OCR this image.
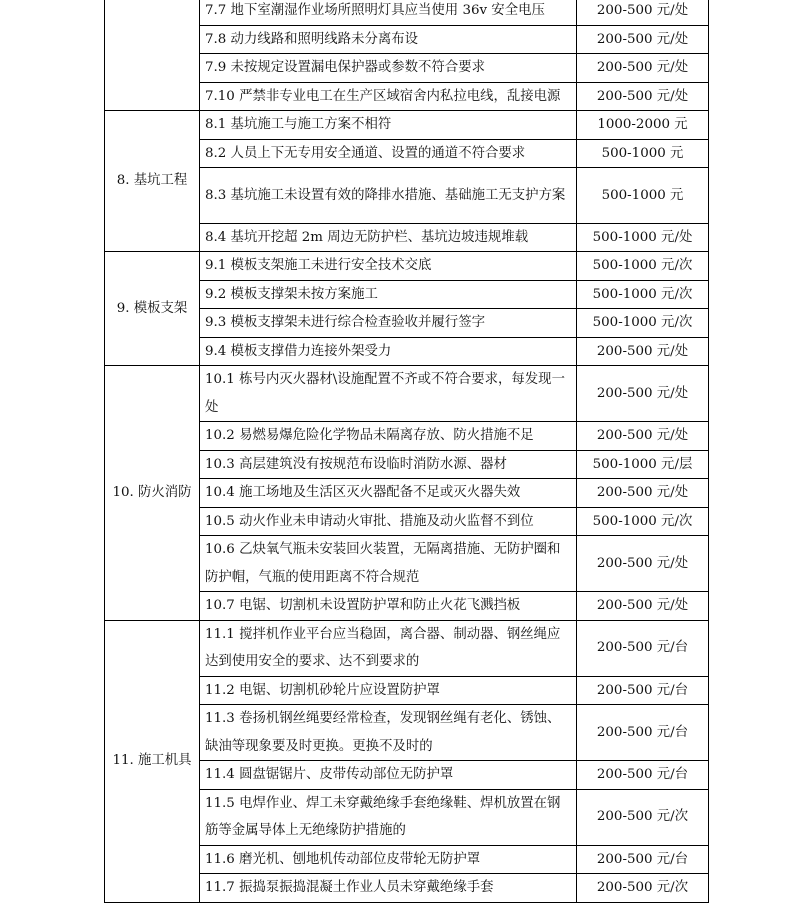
	7.7 地下室潮湿作业场所照明灯具应当使用 36v 安全电压	200-500 元/处
	7.8 动力线路和照明线路未分离布设	200-500 元/处
	7.9 未按规定设置漏电保护器或参数不符合要求	200-500 元/处
	7.10 严禁非专业电工在生产区域宿舍内私拉电线，乱接电源	200-500 元/处
8. 基坑工程	8.1 基坑施工与施工方案不相符	1000-2000 元
	8.2 人员上下无专用安全通道、设置的通道不符合要求	500-1000 元
	8.3 基坑施工未设置有效的降排水措施、基础施工无支护方案	500-1000 元
	8.4 基坑开挖超 2m 周边无防护栏、基坑边坡违规堆载	500-1000 元/处
9. 模板支架	9.1 模板支架施工未进行安全技术交底	500-1000 元/次
	9.2 模板支撑架未按方案施工	500-1000 元/次
	9.3 模板支撑架未进行综合检查验收并履行签字	500-1000 元/次
	9.4 模板支撑借力连接外架受力	200-500 元/处
10. 防火消防	10.1 栋号内灭火器材\设施配置不齐或不符合要求，每发现一处	200-500 元/处
	10.2 易燃易爆危险化学物品未隔离存放、防火措施不足	200-500 元/处
	10.3 高层建筑没有按规范布设临时消防水源、器材	500-1000 元/层
	10.4 施工场地及生活区灭火器配备不足或灭火器失效	200-500 元/处
	10.5 动火作业未申请动火审批、措施及动火监督不到位	500-1000 元/次
	10.6 乙炔氧气瓶未安装回火装置，无隔离措施、无防护圈和防护帽，气瓶的使用距离不符合规范	200-500 元/处
	10.7 电锯、切割机未设置防护罩和防止火花飞溅挡板	200-500 元/处
11. 施工机具	11.1 搅拌机作业平台应当稳固，离合器、制动器、钢丝绳应达到使用安全的要求、达不到要求的	200-500 元/台
	11.2 电锯、切割机砂轮片应设置防护罩	200-500 元/台
	11.3 卷扬机钢丝绳要经常检查，发现钢丝绳有老化、锈蚀、缺油等现象要及时更换。更换不及时的	200-500 元/台
	11.4 圆盘锯锯片、皮带传动部位无防护罩	200-500 元/台
	11.5 电焊作业、焊工未穿戴绝缘手套绝缘鞋、焊机放置在钢筋等金属导体上无绝缘防护措施的	200-500 元/次
	11.6 磨光机、刨地机传动部位皮带轮无防护罩	200-500 元/台
	11.7 振捣泵振捣混凝土作业人员未穿戴绝缘手套	200-500 元/次
